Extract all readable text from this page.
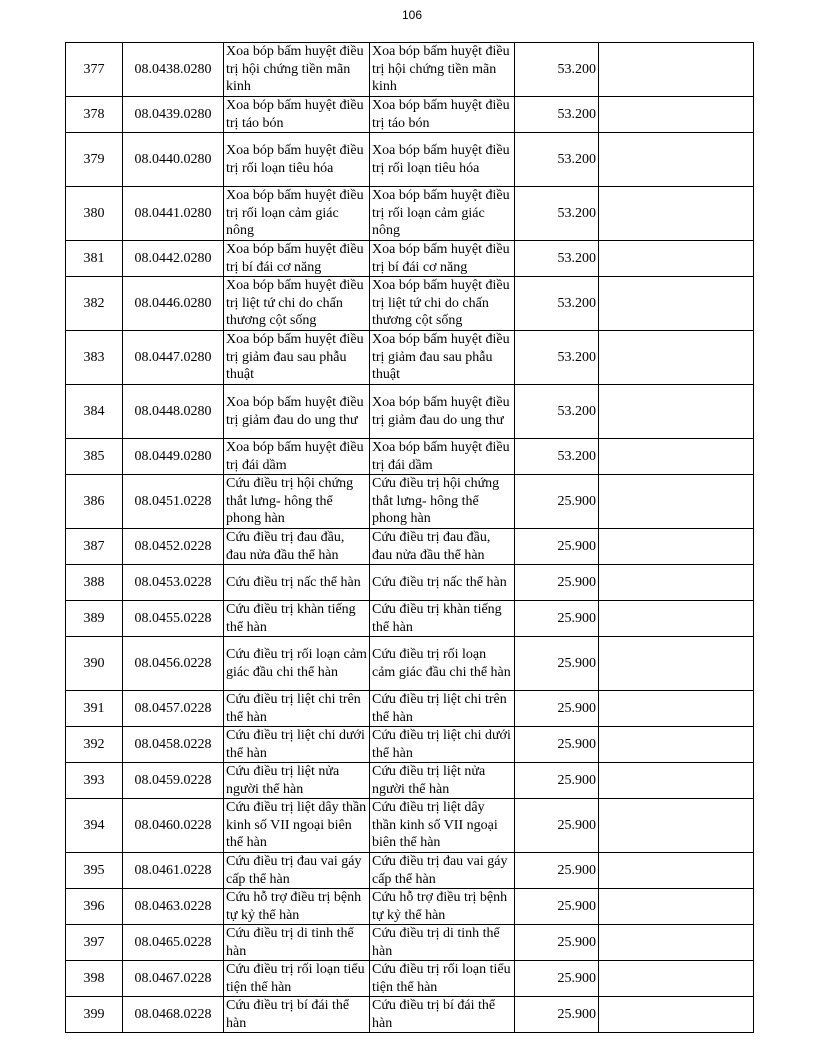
106
377	08.0438.0280	Xoa bóp bấm huyệt điều trị hội chứng tiền mãn kinh	Xoa bóp bấm huyệt điều trị hội chứng tiền mãn kinh	53.200	
378	08.0439.0280	Xoa bóp bấm huyệt điều trị táo bón	Xoa bóp bấm huyệt điều trị táo bón	53.200	
379	08.0440.0280	Xoa bóp bấm huyệt điều trị rối loạn tiêu hóa	Xoa bóp bấm huyệt điều trị rối loạn tiêu hóa	53.200	
380	08.0441.0280	Xoa bóp bấm huyệt điều trị rối loạn cảm giác nông	Xoa bóp bấm huyệt điều trị rối loạn cảm giác nông	53.200	
381	08.0442.0280	Xoa bóp bấm huyệt điều trị bí đái cơ năng	Xoa bóp bấm huyệt điều trị bí đái cơ năng	53.200	
382	08.0446.0280	Xoa bóp bấm huyệt điều trị liệt tứ chi do chấn thương cột sống	Xoa bóp bấm huyệt điều trị liệt tứ chi do chấn thương cột sống	53.200	
383	08.0447.0280	Xoa bóp bấm huyệt điều trị giảm đau sau phẫu thuật	Xoa bóp bấm huyệt điều trị giảm đau sau phẫu thuật	53.200	
384	08.0448.0280	Xoa bóp bấm huyệt điều trị giảm đau do ung thư	Xoa bóp bấm huyệt điều trị giảm đau do ung thư	53.200	
385	08.0449.0280	Xoa bóp bấm huyệt điều trị đái dầm	Xoa bóp bấm huyệt điều trị đái dầm	53.200	
386	08.0451.0228	Cứu điều trị hội chứng thắt lưng- hông thể phong hàn	Cứu điều trị hội chứng thắt lưng- hông thể phong hàn	25.900	
387	08.0452.0228	Cứu điều trị đau đầu, đau nửa đầu thể hàn	Cứu điều trị đau đầu, đau nửa đầu thể hàn	25.900	
388	08.0453.0228	Cứu điều trị nấc thể hàn	Cứu điều trị nấc thể hàn	25.900	
389	08.0455.0228	Cứu điều trị khàn tiếng thể hàn	Cứu điều trị khàn tiếng thể hàn	25.900	
390	08.0456.0228	Cứu điều trị rối loạn cảm giác đầu chi thể hàn	Cứu điều trị rối loạn cảm giác đầu chi thể hàn	25.900	
391	08.0457.0228	Cứu điều trị liệt chi trên thể hàn	Cứu điều trị liệt chi trên thể hàn	25.900	
392	08.0458.0228	Cứu điều trị liệt chi dưới thể hàn	Cứu điều trị liệt chi dưới thể hàn	25.900	
393	08.0459.0228	Cứu điều trị liệt nửa người thể hàn	Cứu điều trị liệt nửa người thể hàn	25.900	
394	08.0460.0228	Cứu điều trị liệt dây thần kinh số VII ngoại biên thể hàn	Cứu điều trị liệt dây thần kinh số VII ngoại biên thể hàn	25.900	
395	08.0461.0228	Cứu điều trị đau vai gáy cấp thể hàn	Cứu điều trị đau vai gáy cấp thể hàn	25.900	
396	08.0463.0228	Cứu hỗ trợ điều trị bệnh tự kỷ thể hàn	Cứu hỗ trợ điều trị bệnh tự kỷ thể hàn	25.900	
397	08.0465.0228	Cứu điều trị di tinh thể hàn	Cứu điều trị di tinh thể hàn	25.900	
398	08.0467.0228	Cứu điều trị rối loạn tiểu tiện thể hàn	Cứu điều trị rối loạn tiểu tiện thể hàn	25.900	
399	08.0468.0228	Cứu điều trị bí đái thể hàn	Cứu điều trị bí đái thể hàn	25.900	
